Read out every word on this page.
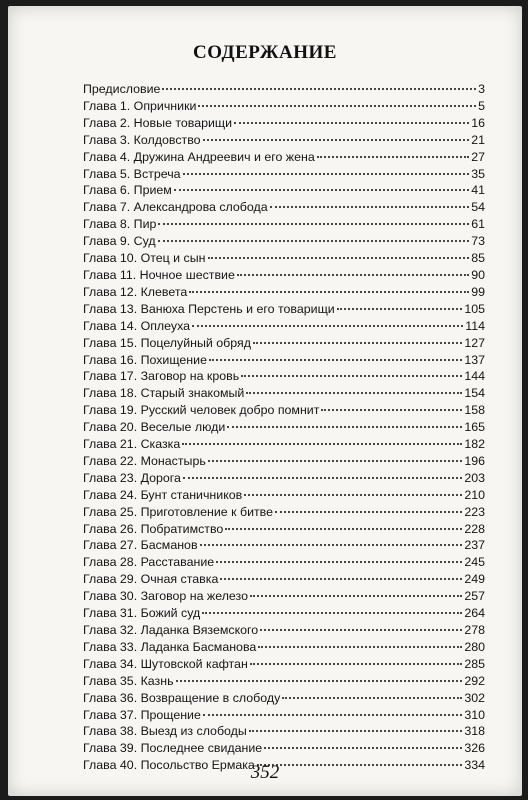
СОДЕРЖАНИЕ
Предисловие	3
Глава 1. Опричники	5
Глава 2. Новые товарищи	16
Глава 3. Колдовство	21
Глава 4. Дружина Андреевич и его жена	27
Глава 5. Встреча	35
Глава 6. Прием	41
Глава 7. Александрова слобода	54
Глава 8. Пир	61
Глава 9. Суд	73
Глава 10. Отец и сын	85
Глава 11. Ночное шествие	90
Глава 12. Клевета	99
Глава 13. Ванюха Перстень и его товарищи	105
Глава 14. Оплеуха	114
Глава 15. Поцелуйный обряд	127
Глава 16. Похищение	137
Глава 17. Заговор на кровь	144
Глава 18. Старый знакомый	154
Глава 19. Русский человек добро помнит	158
Глава 20. Веселые люди	165
Глава 21. Сказка	182
Глава 22. Монастырь	196
Глава 23. Дорога	203
Глава 24. Бунт станичников	210
Глава 25. Приготовление к битве	223
Глава 26. Побратимство	228
Глава 27. Басманов	237
Глава 28. Расставание	245
Глава 29. Очная ставка	249
Глава 30. Заговор на железо	257
Глава 31. Божий суд	264
Глава 32. Ладанка Вяземского	278
Глава 33. Ладанка Басманова	280
Глава 34. Шутовской кафтан	285
Глава 35. Казнь	292
Глава 36. Возвращение в слободу	302
Глава 37. Прощение	310
Глава 38. Выезд из слободы	318
Глава 39. Последнее свидание	326
Глава 40. Посольство Ермака	334
352
